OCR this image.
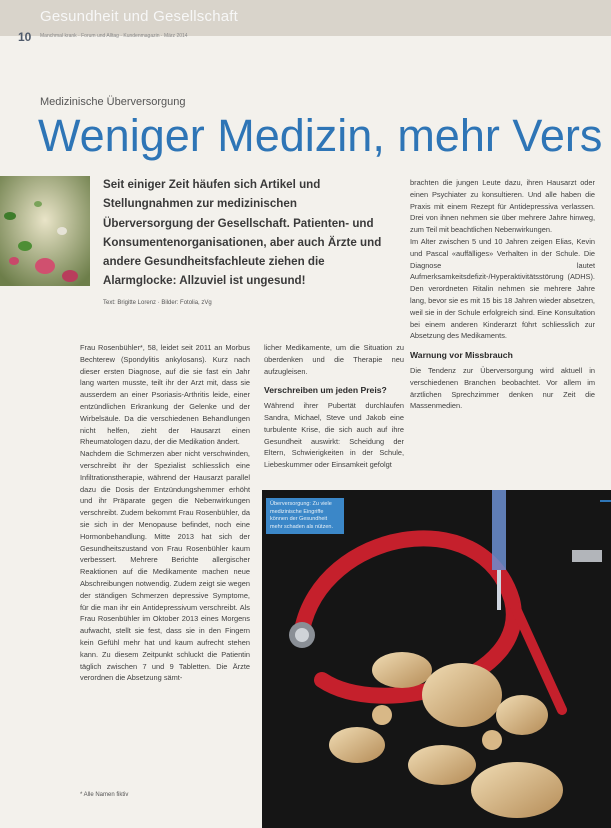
Gesundheit und Gesellschaft
10 Manchmal krank · Forum und Alltag · Kundenmagazin · März 2014
Medizinische Überversorgung
Weniger Medizin, mehr Vers
Seit einiger Zeit häufen sich Artikel und Stellungnahmen zur medizinischen Überversorgung der Gesellschaft. Patienten- und Konsumentenorganisationen, aber auch Ärzte und andere Gesundheitsfachleute ziehen die Alarmglocke: Allzuviel ist ungesund!
Text: Brigitte Lorenz · Bilder: Fotolia, zVg

Frau Rosenbühler*, 58, leidet seit 2011 an Morbus Bechterew (Spondylitis ankylosans). Kurz nach dieser ersten Diagnose, auf die sie fast ein Jahr lang warten musste, teilt ihr der Arzt mit, dass sie ausserdem an einer Psoriasis-Arthritis leide, einer entzündlichen Erkrankung der Gelenke und der Wirbelsäule. Da die verschiedenen Behandlungen nicht helfen, zieht der Hausarzt einen Rheumatologen dazu, der die Medikation ändert.

Nachdem die Schmerzen aber nicht verschwinden, verschreibt ihr der Spezialist schliesslich eine Infiltrationstherapie, während der Hausarzt parallel dazu die Dosis der Entzündungshemmer erhöht und ihr Präparate gegen die Nebenwirkungen verschreibt. Zudem bekommt Frau Rosenbühler, da sie sich in der Menopause befindet, noch eine Hormonbehandlung. Mitte 2013 hat sich der Gesundheitszustand von Frau Rosenbühler kaum verbessert. Mehrere Berichte allergischer Reaktionen auf die Medikamente machen neue Abschreibungen notwendig. Zudem zeigt sie wegen der ständigen Schmerzen depressive Symptome, für die man ihr ein Antidepressivum verschreibt. Als Frau Rosenbühler im Oktober 2013 eines Morgens aufwacht, stellt sie fest, dass sie in den Fingern kein Gefühl mehr hat und kaum aufrecht stehen kann. Zu diesem Zeitpunkt schluckt die Patientin täglich zwischen 7 und 9 Tabletten. Die Ärzte verordnen die Absetzung sämt-

licher Medikamente, um die Situation zu überdenken und die Therapie neu aufzugleisen.

Verschreiben um jeden Preis?

Während ihrer Pubertät durchlaufen Sandra, Michael, Steve und Jakob eine turbulente Krise, die sich auch auf ihre Gesundheit auswirkt: Scheidung der Eltern, Schwierigkeiten in der Schule, Liebeskummer oder Einsamkeit gefolgt

brachten die jungen Leute dazu, ihren Hausarzt oder einen Psychiater zu konsultieren. Und alle haben die Praxis mit einem Rezept für Antidepressiva verlassen. Drei von ihnen nehmen sie über mehrere Jahre hinweg, zum Teil mit beachtlichen Nebenwirkungen.

Im Alter zwischen 5 und 10 Jahren zeigen Elias, Kevin und Pascal «auffälliges» Verhalten in der Schule. Die Diagnose lautet Aufmerksamkeitsdefizit-/Hyperaktivitätsstörung (ADHS). Den verordneten Ritalin nehmen sie mehrere Jahre lang, bevor sie es mit 15 bis 18 Jahren wieder absetzen, weil sie in der Schule erfolgreich sind. Eine Konsultation bei einem anderen Kinderarzt führt schliesslich zur Absetzung des Medikaments.

Warnung vor Missbrauch

Die Tendenz zur Überversorgung wird aktuell in verschiedenen Branchen beobachtet. Vor allem im ärztlichen Sprechzimmer denken nur Zeit die Massenmedien.

* Alle Namen fiktiv
Überversorgung: Zu viele medizinische Eingriffe können der Gesundheit mehr schaden als nützen.
